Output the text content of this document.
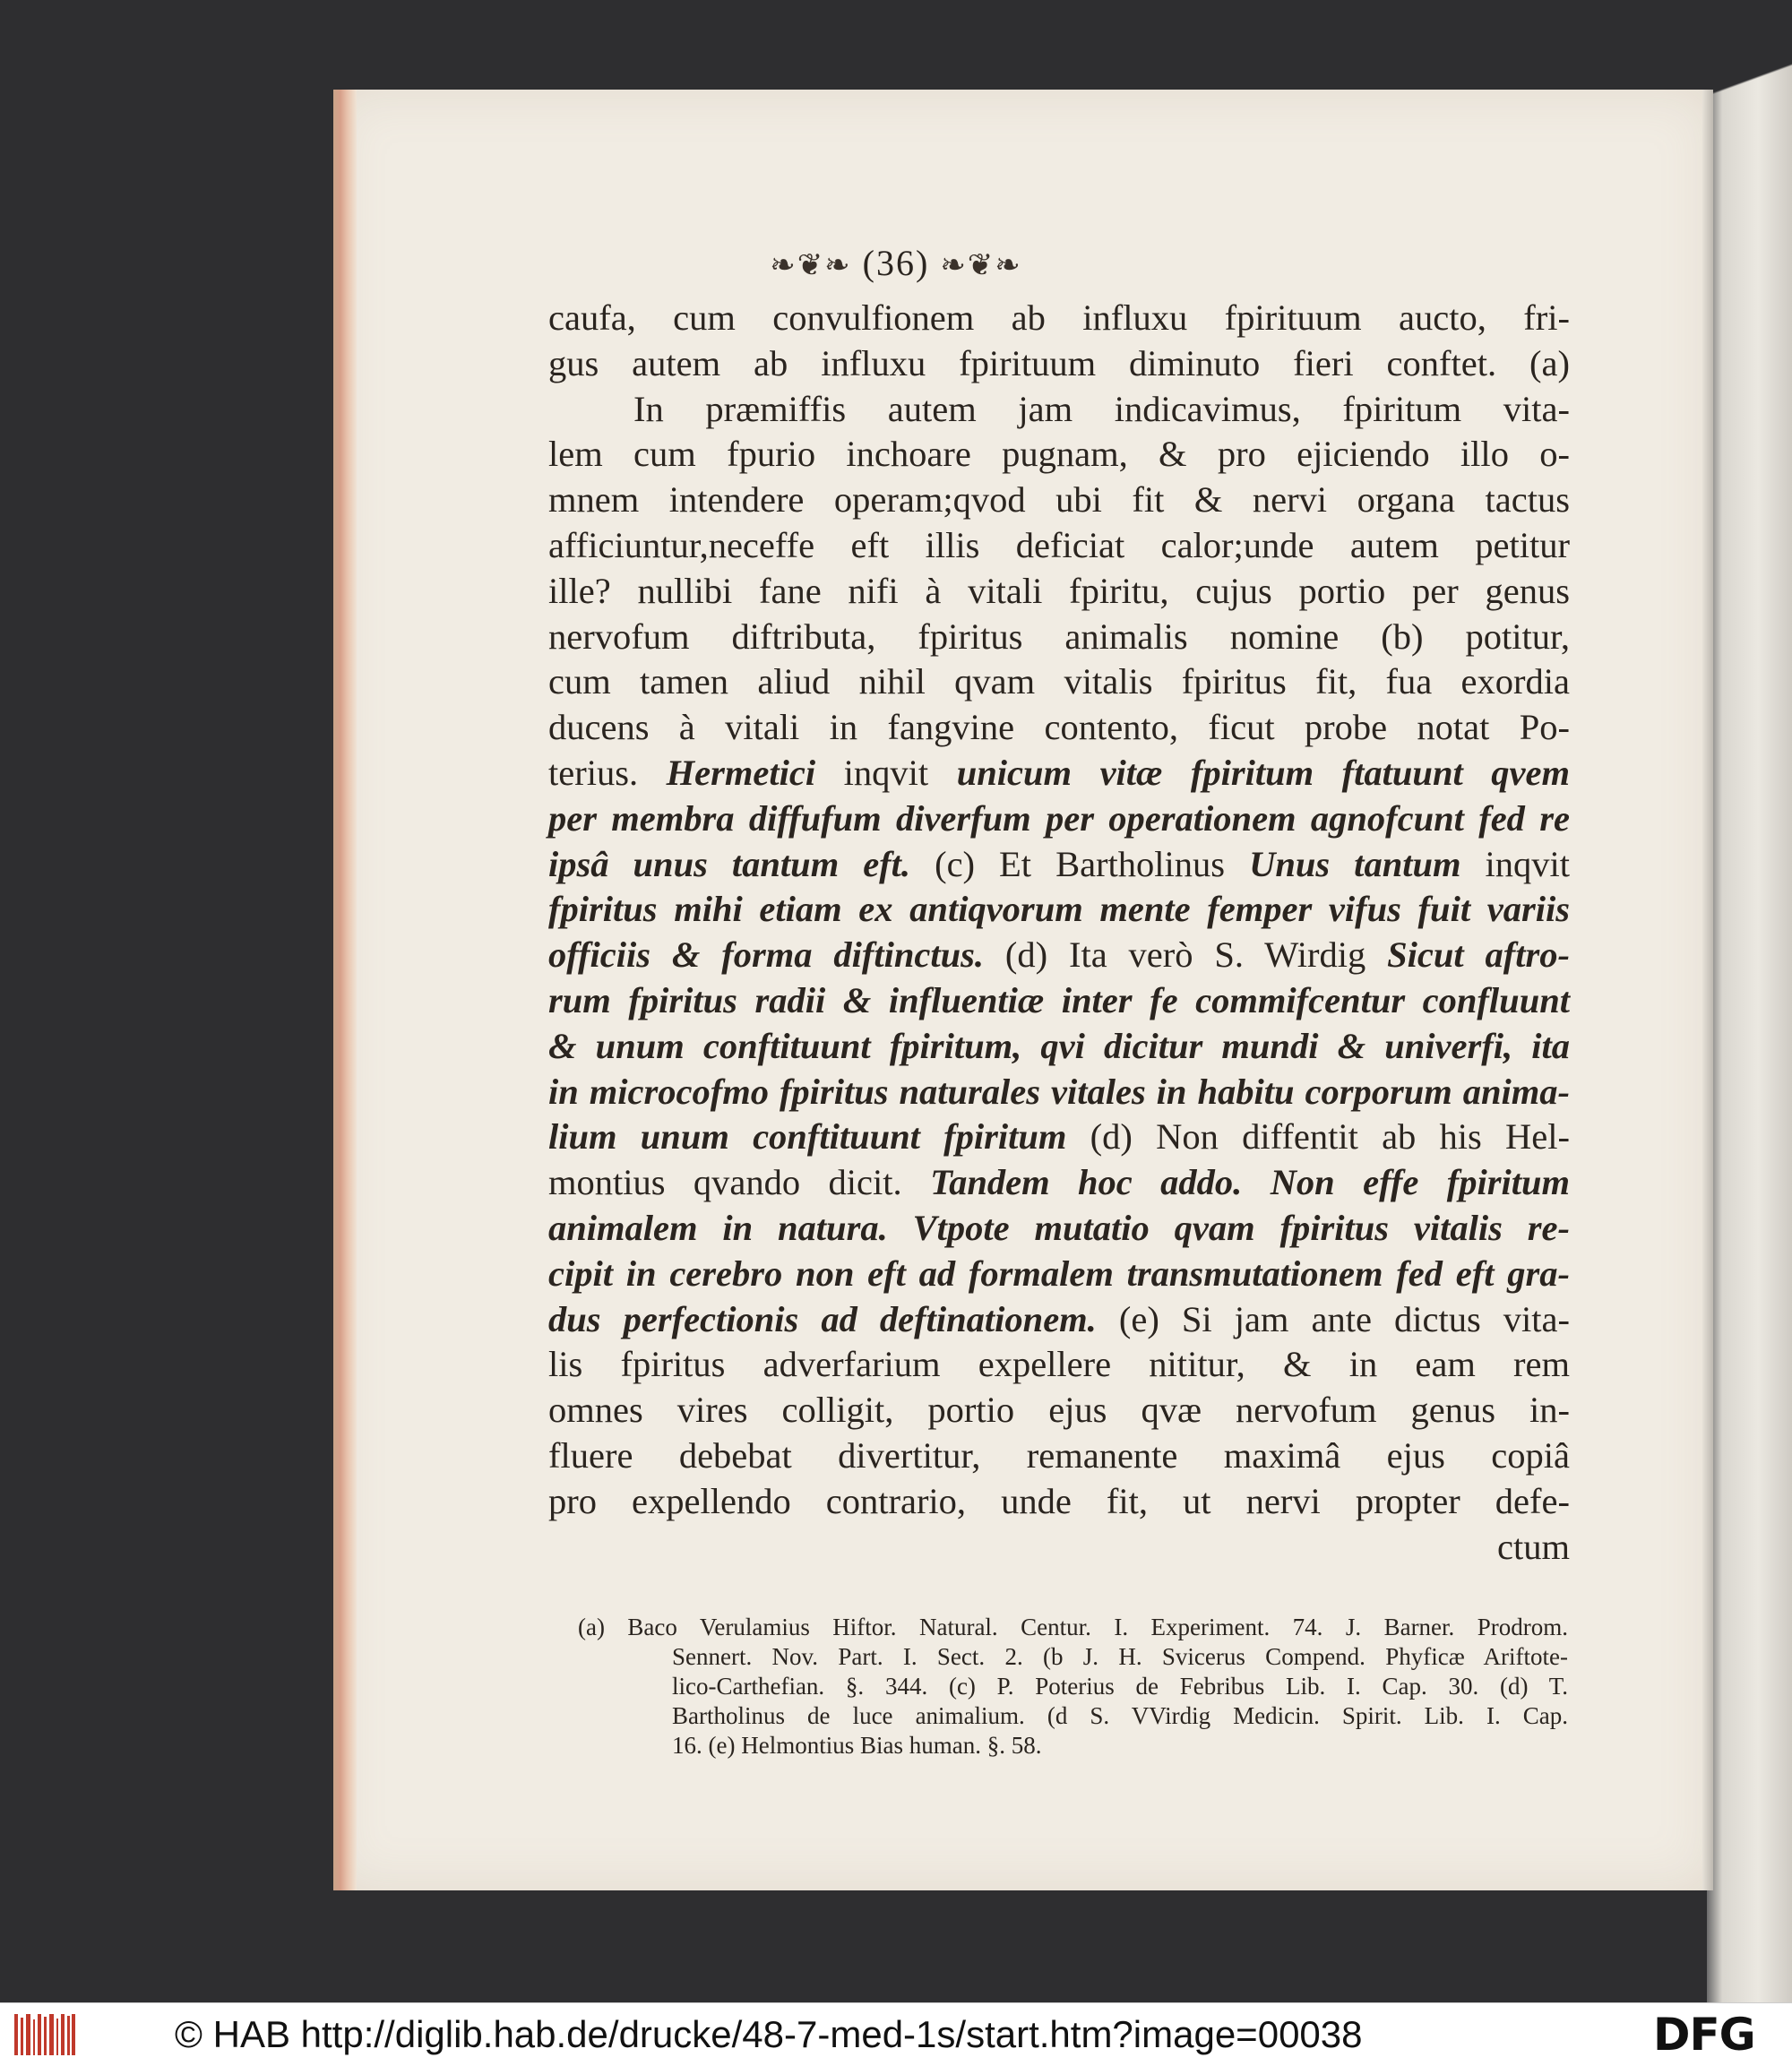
❧❦❧ (36) ❧❦❧
caufa, cum convulfionem ab influxu fpirituum aucto, fri-
gus autem ab influxu fpirituum diminuto fieri conftet. (a)
In præmiffis autem jam indicavimus, fpiritum vita-
lem cum fpurio inchoare pugnam, & pro ejiciendo illo o-
mnem intendere operam;qvod ubi fit & nervi organa tactus
afficiuntur,neceffe eft illis deficiat calor;unde autem petitur
ille? nullibi fane nifi à vitali fpiritu, cujus portio per genus
nervofum diftributa, fpiritus animalis nomine (b) potitur,
cum tamen aliud nihil qvam vitalis fpiritus fit, fua exordia
ducens à vitali in fangvine contento, ficut probe notat Po-
terius. Hermetici inqvit unicum vitæ fpiritum ftatuunt qvem
per membra diffufum diverfum per operationem agnofcunt fed re
ipsâ unus tantum eft. (c) Et Bartholinus Unus tantum inqvit
fpiritus mihi etiam ex antiqvorum mente femper vifus fuit variis
officiis & forma diftinctus. (d) Ita verò S. Wirdig Sicut aftro-
rum fpiritus radii & influentiæ inter fe commifcentur confluunt
& unum conftituunt fpiritum, qvi dicitur mundi & univerfi, ita
in microcofmo fpiritus naturales vitales in habitu corporum anima-
lium unum conftituunt fpiritum (d) Non diffentit ab his Hel-
montius qvando dicit. Tandem hoc addo. Non effe fpiritum
animalem in natura. Vtpote mutatio qvam fpiritus vitalis re-
cipit in cerebro non eft ad formalem transmutationem fed eft gra-
dus perfectionis ad deftinationem. (e) Si jam ante dictus vita-
lis fpiritus adverfarium expellere nititur, & in eam rem
omnes vires colligit, portio ejus qvæ nervofum genus in-
fluere debebat divertitur, remanente maximâ ejus copiâ
pro expellendo contrario, unde fit, ut nervi propter defe-
ctum
(a) Baco Verulamius Hiftor. Natural. Centur. I. Experiment. 74. J. Barner. Prodrom.
Sennert. Nov. Part. I. Sect. 2. (b J. H. Svicerus Compend. Phyficæ Ariftote-
lico-Carthefian. §. 344. (c) P. Poterius de Febribus Lib. I. Cap. 30. (d) T.
Bartholinus de luce animalium. (d S. VVirdig Medicin. Spirit. Lib. I. Cap.
16. (e) Helmontius Bias human. §. 58.
© HAB http://diglib.hab.de/drucke/48-7-med-1s/start.htm?image=00038	DFG
